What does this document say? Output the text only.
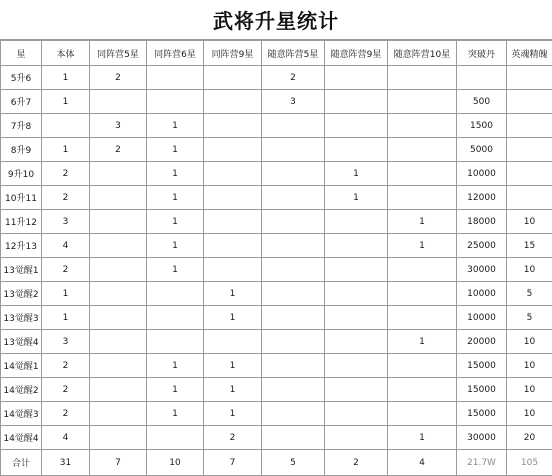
武将升星统计
星	本体	同阵营5星	同阵营6星	同阵营9星	随意阵营5星	随意阵营9星	随意阵营10星	突破丹	英魂精魄
5升6	1	2			2				
6升7	1				3			500	
7升8		3	1					1500	
8升9	1	2	1					5000	
9升10	2		1			1		10000	
10升11	2		1			1		12000	
11升12	3		1				1	18000	10
12升13	4		1				1	25000	15
13觉醒1	2		1					30000	10
13觉醒2	1			1				10000	5
13觉醒3	1			1				10000	5
13觉醒4	3						1	20000	10
14觉醒1	2		1	1				15000	10
14觉醒2	2		1	1				15000	10
14觉醒3	2		1	1				15000	10
14觉醒4	4			2			1	30000	20
合计	31	7	10	7	5	2	4	21.7W	105
